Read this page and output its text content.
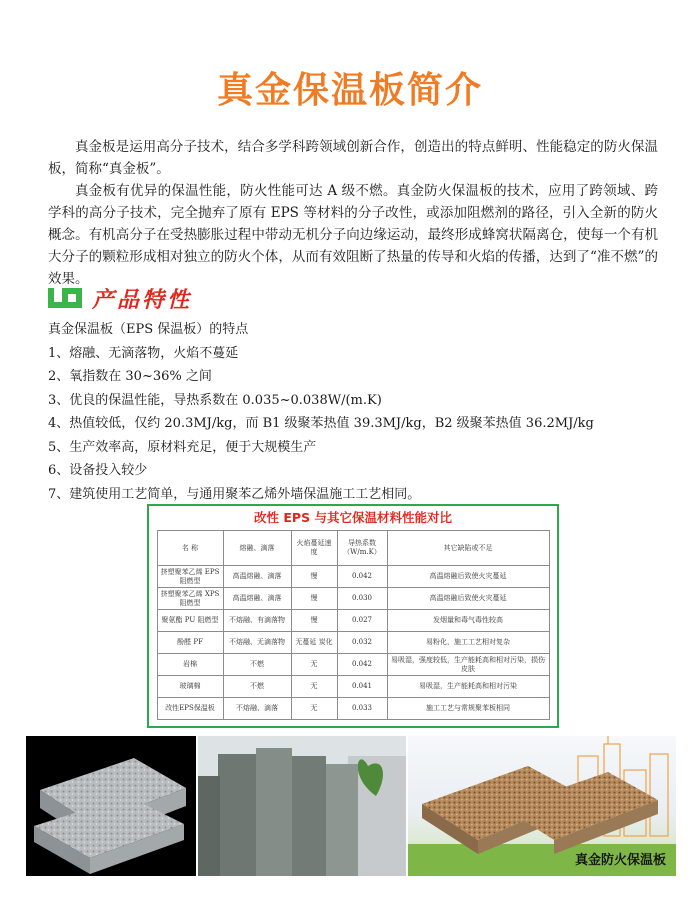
真金保温板简介

真金板是运用高分子技术，结合多学科跨领域创新合作，创造出的特点鲜明、性能稳定的防火保温板，简称“真金板”。

真金板有优异的保温性能，防火性能可达 A 级不燃。真金防火保温板的技术，应用了跨领域、跨学科的高分子技术，完全抛弃了原有 EPS 等材料的分子改性，或添加阻燃剂的路径，引入全新的防火概念。有机高分子在受热膨胀过程中带动无机分子向边缘运动，最终形成蜂窝状隔离仓，使每一个有机大分子的颗粒形成相对独立的防火个体，从而有效阻断了热量的传导和火焰的传播，达到了“准不燃”的效果。

产品特性
真金保温板（EPS 保温板）的特点
1、熔融、无滴落物，火焰不蔓延
2、氧指数在 30~36% 之间
3、优良的保温性能，导热系数在 0.035~0.038W/(m.K)
4、热值较低，仅约 20.3MJ/kg，而 B1 级聚苯热值 39.3MJ/kg，B2 级聚苯热值 36.2MJ/kg
5、生产效率高，原材料充足，便于大规模生产
6、设备投入较少
7、建筑使用工艺简单，与通用聚苯乙烯外墙保温施工工艺相同。
改性 EPS 与其它保温材料性能对比
名 称	熔融、滴落	火焰蔓延速度	导热系数（W/m.K）	其它缺陷或不足
挤塑聚苯乙烯 EPS 阻燃型	高温熔融、滴落	慢	0.042	高温熔融后致使火灾蔓延
挤塑聚苯乙烯 XPS 阻燃型	高温熔融、滴落	慢	0.030	高温熔融后致使火灾蔓延
聚氨酯 PU 阻燃型	不熔融、有滴落物	慢	0.027	发烟量和毒气毒性较高
酚醛 PF	不熔融、无滴落物	无蔓延 炭化	0.032	易粉化，施工工艺相对复杂
岩棉	不燃	无	0.042	易吸湿，强度较低，生产能耗高和相对污染，损伤皮肤
玻璃棉	不燃	无	0.041	易吸湿，生产能耗高和相对污染
改性EPS保温板	不熔融、滴落	无	0.033	施工工艺与常规聚苯板相同
真金防火保温板
